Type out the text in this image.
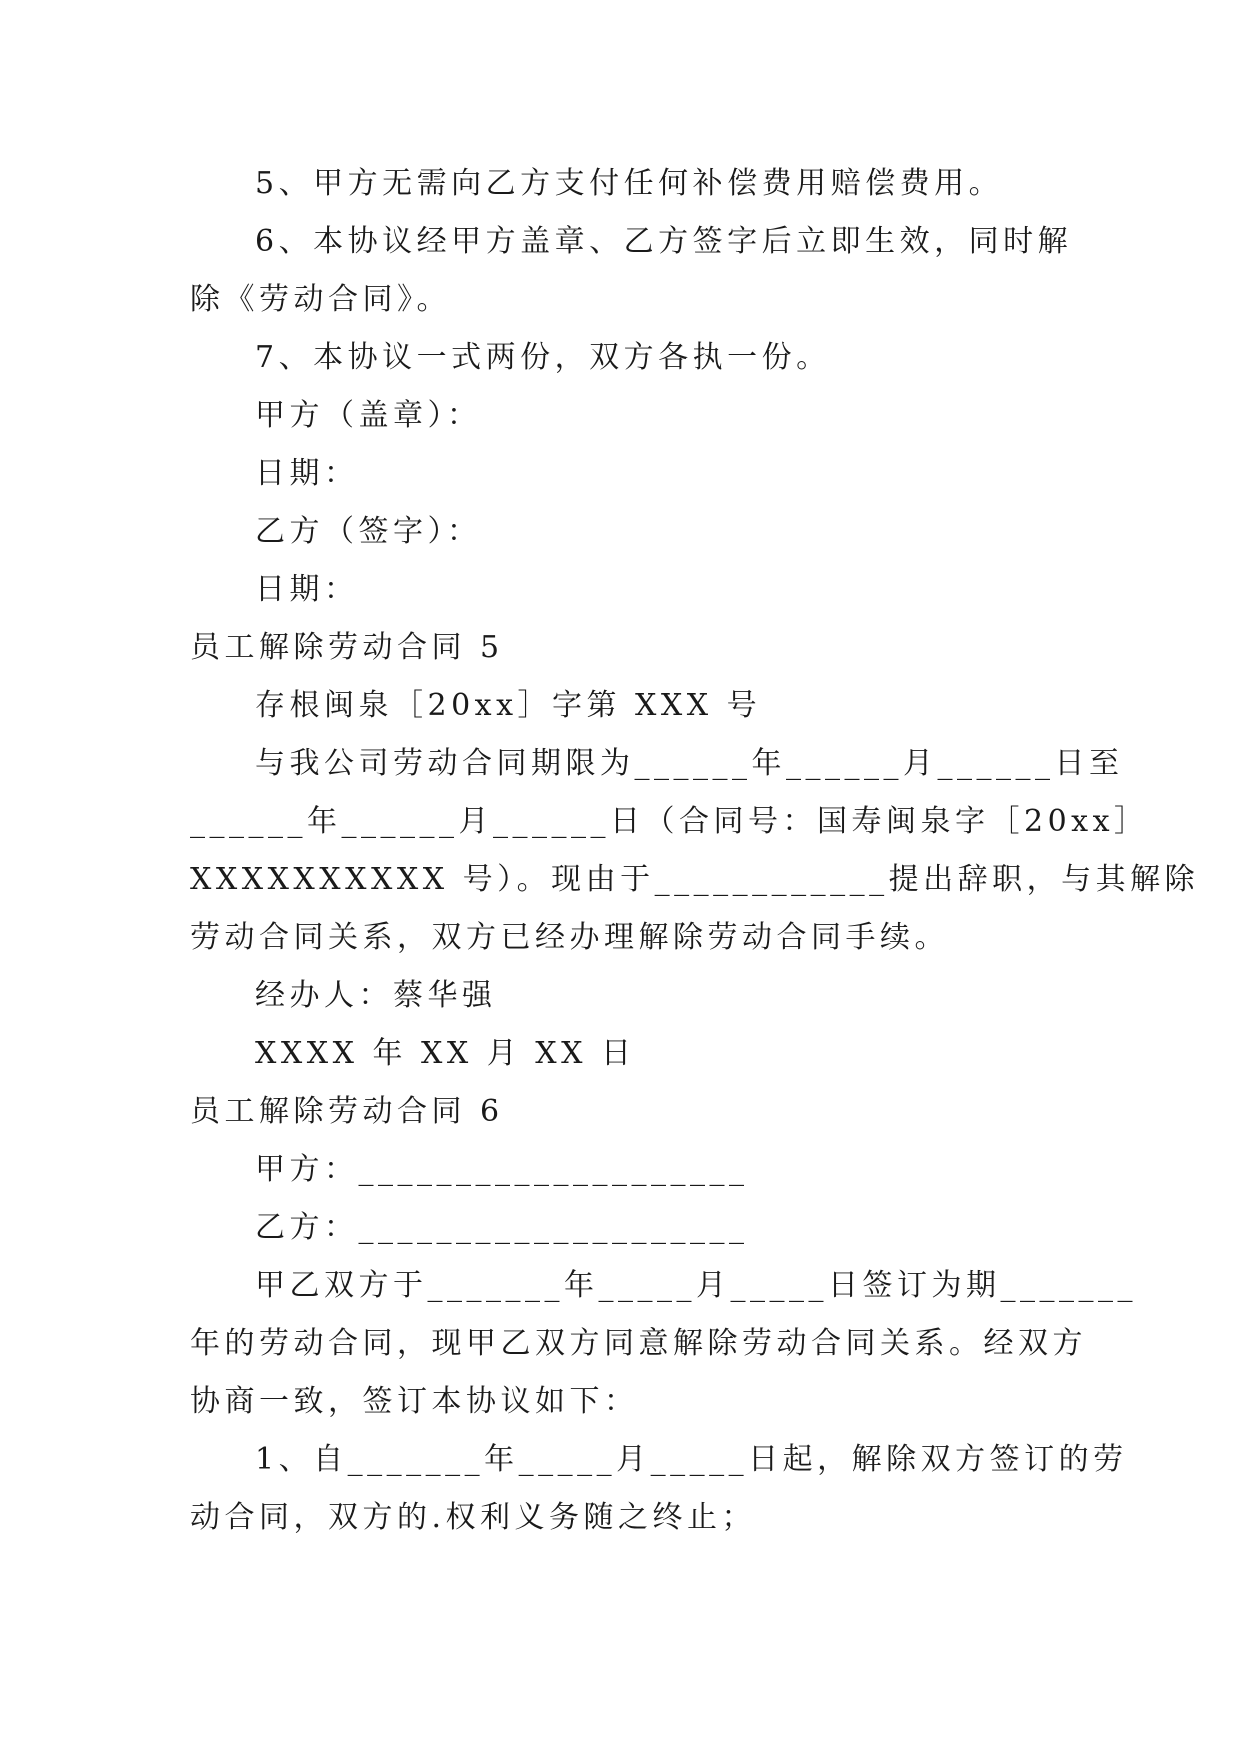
5、甲方无需向乙方支付任何补偿费用赔偿费用。
6、本协议经甲方盖章、乙方签字后立即生效，同时解
除《劳动合同》。
7、本协议一式两份，双方各执一份。
甲方（盖章）：
日期：
乙方（签字）：
日期：
员工解除劳动合同 5
存根闽泉［20xx］字第 XXX 号
与我公司劳动合同期限为______年______月______日至
______年______月______日（合同号：国寿闽泉字［20xx］
XXXXXXXXXX 号）。现由于____________提出辞职，与其解除
劳动合同关系，双方已经办理解除劳动合同手续。
经办人：蔡华强
XXXX 年 XX 月 XX 日
员工解除劳动合同 6
甲方：____________________
乙方：____________________
甲乙双方于_______年_____月_____日签订为期_______
年的劳动合同，现甲乙双方同意解除劳动合同关系。经双方
协商一致，签订本协议如下：
1、自_______年_____月_____日起，解除双方签订的劳
动合同，双方的.权利义务随之终止；
